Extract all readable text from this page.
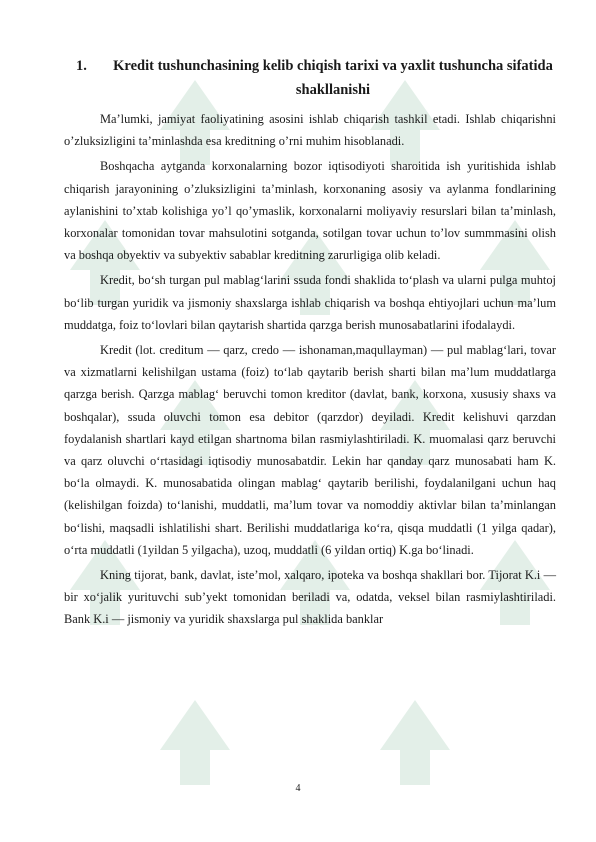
1.	Kredit tushunchasining kelib chiqish tarixi va yaxlit tushuncha sifatida shakllanishi

Ma’lumki, jamiyat faoliyatining asosini ishlab chiqarish tashkil etadi. Ishlab chiqarishni o’zluksizligini ta’minlashda esa kreditning o’rni muhim hisoblanadi.

Boshqacha aytganda korxonalarning bozor iqtisodiyoti sharoitida ish yuritishida ishlab chiqarish jarayonining o’zluksizligini ta’minlash, korxonaning asosiy va aylanma fondlarining aylanishini to’xtab kolishiga yo’l qo’ymaslik, korxonalarni moliyaviy resurslari bilan ta’minlash, korxonalar tomonidan tovar mahsulotini sotganda, sotilgan tovar uchun to’lov summmasini olish va boshqa obyektiv va subyektiv sabablar kreditning zarurligiga olib keladi.

Kredit, bo‘sh turgan pul mablag‘larini ssuda fondi shaklida to‘plash va ularni pulga muhtoj bo‘lib turgan yuridik va jismoniy shaxslarga ishlab chiqarish va boshqa ehtiyojlari uchun ma’lum muddatga, foiz to‘lovlari bilan qaytarish shartida qarzga berish munosabatlarini ifodalaydi.

Kredit (lot. creditum — qarz, credo — ishonaman,maqullayman) — pul mablag‘lari, tovar va xizmatlarni kelishilgan ustama (foiz) to‘lab qaytarib berish sharti bilan ma’lum muddatlarga qarzga berish. Qarzga mablag‘ beruvchi tomon kreditor (davlat, bank, korxona, xususiy shaxs va boshqalar), ssuda oluvchi tomon esa debitor (qarzdor) deyiladi. Kredit kelishuvi qarzdan foydalanish shartlari kayd etilgan shartnoma bilan rasmiylashtiriladi. K. muomalasi qarz beruvchi va qarz oluvchi o‘rtasidagi iqtisodiy munosabatdir. Lekin har qanday qarz munosabati ham K. bo‘la olmaydi. K. munosabatida olingan mablag‘ qaytarib berilishi, foydalanilgani uchun haq (kelishilgan foizda) to‘lanishi, muddatli, ma’lum tovar va nomoddiy aktivlar bilan ta’minlangan bo‘lishi, maqsadli ishlatilishi shart. Berilishi muddatlariga ko‘ra, qisqa muddatli (1 yilga qadar), o‘rta muddatli (1yildan 5 yilgacha), uzoq, muddatli (6 yildan ortiq) K.ga bo‘linadi.

Kning tijorat, bank, davlat, iste’mol, xalqaro, ipoteka va boshqa shakllari bor. Tijorat K.i — bir xo‘jalik yurituvchi sub’yekt tomonidan beriladi va, odatda, veksel bilan rasmiylashtiriladi. Bank K.i — jismoniy va yuridik shaxslarga pul shaklida banklar

4
